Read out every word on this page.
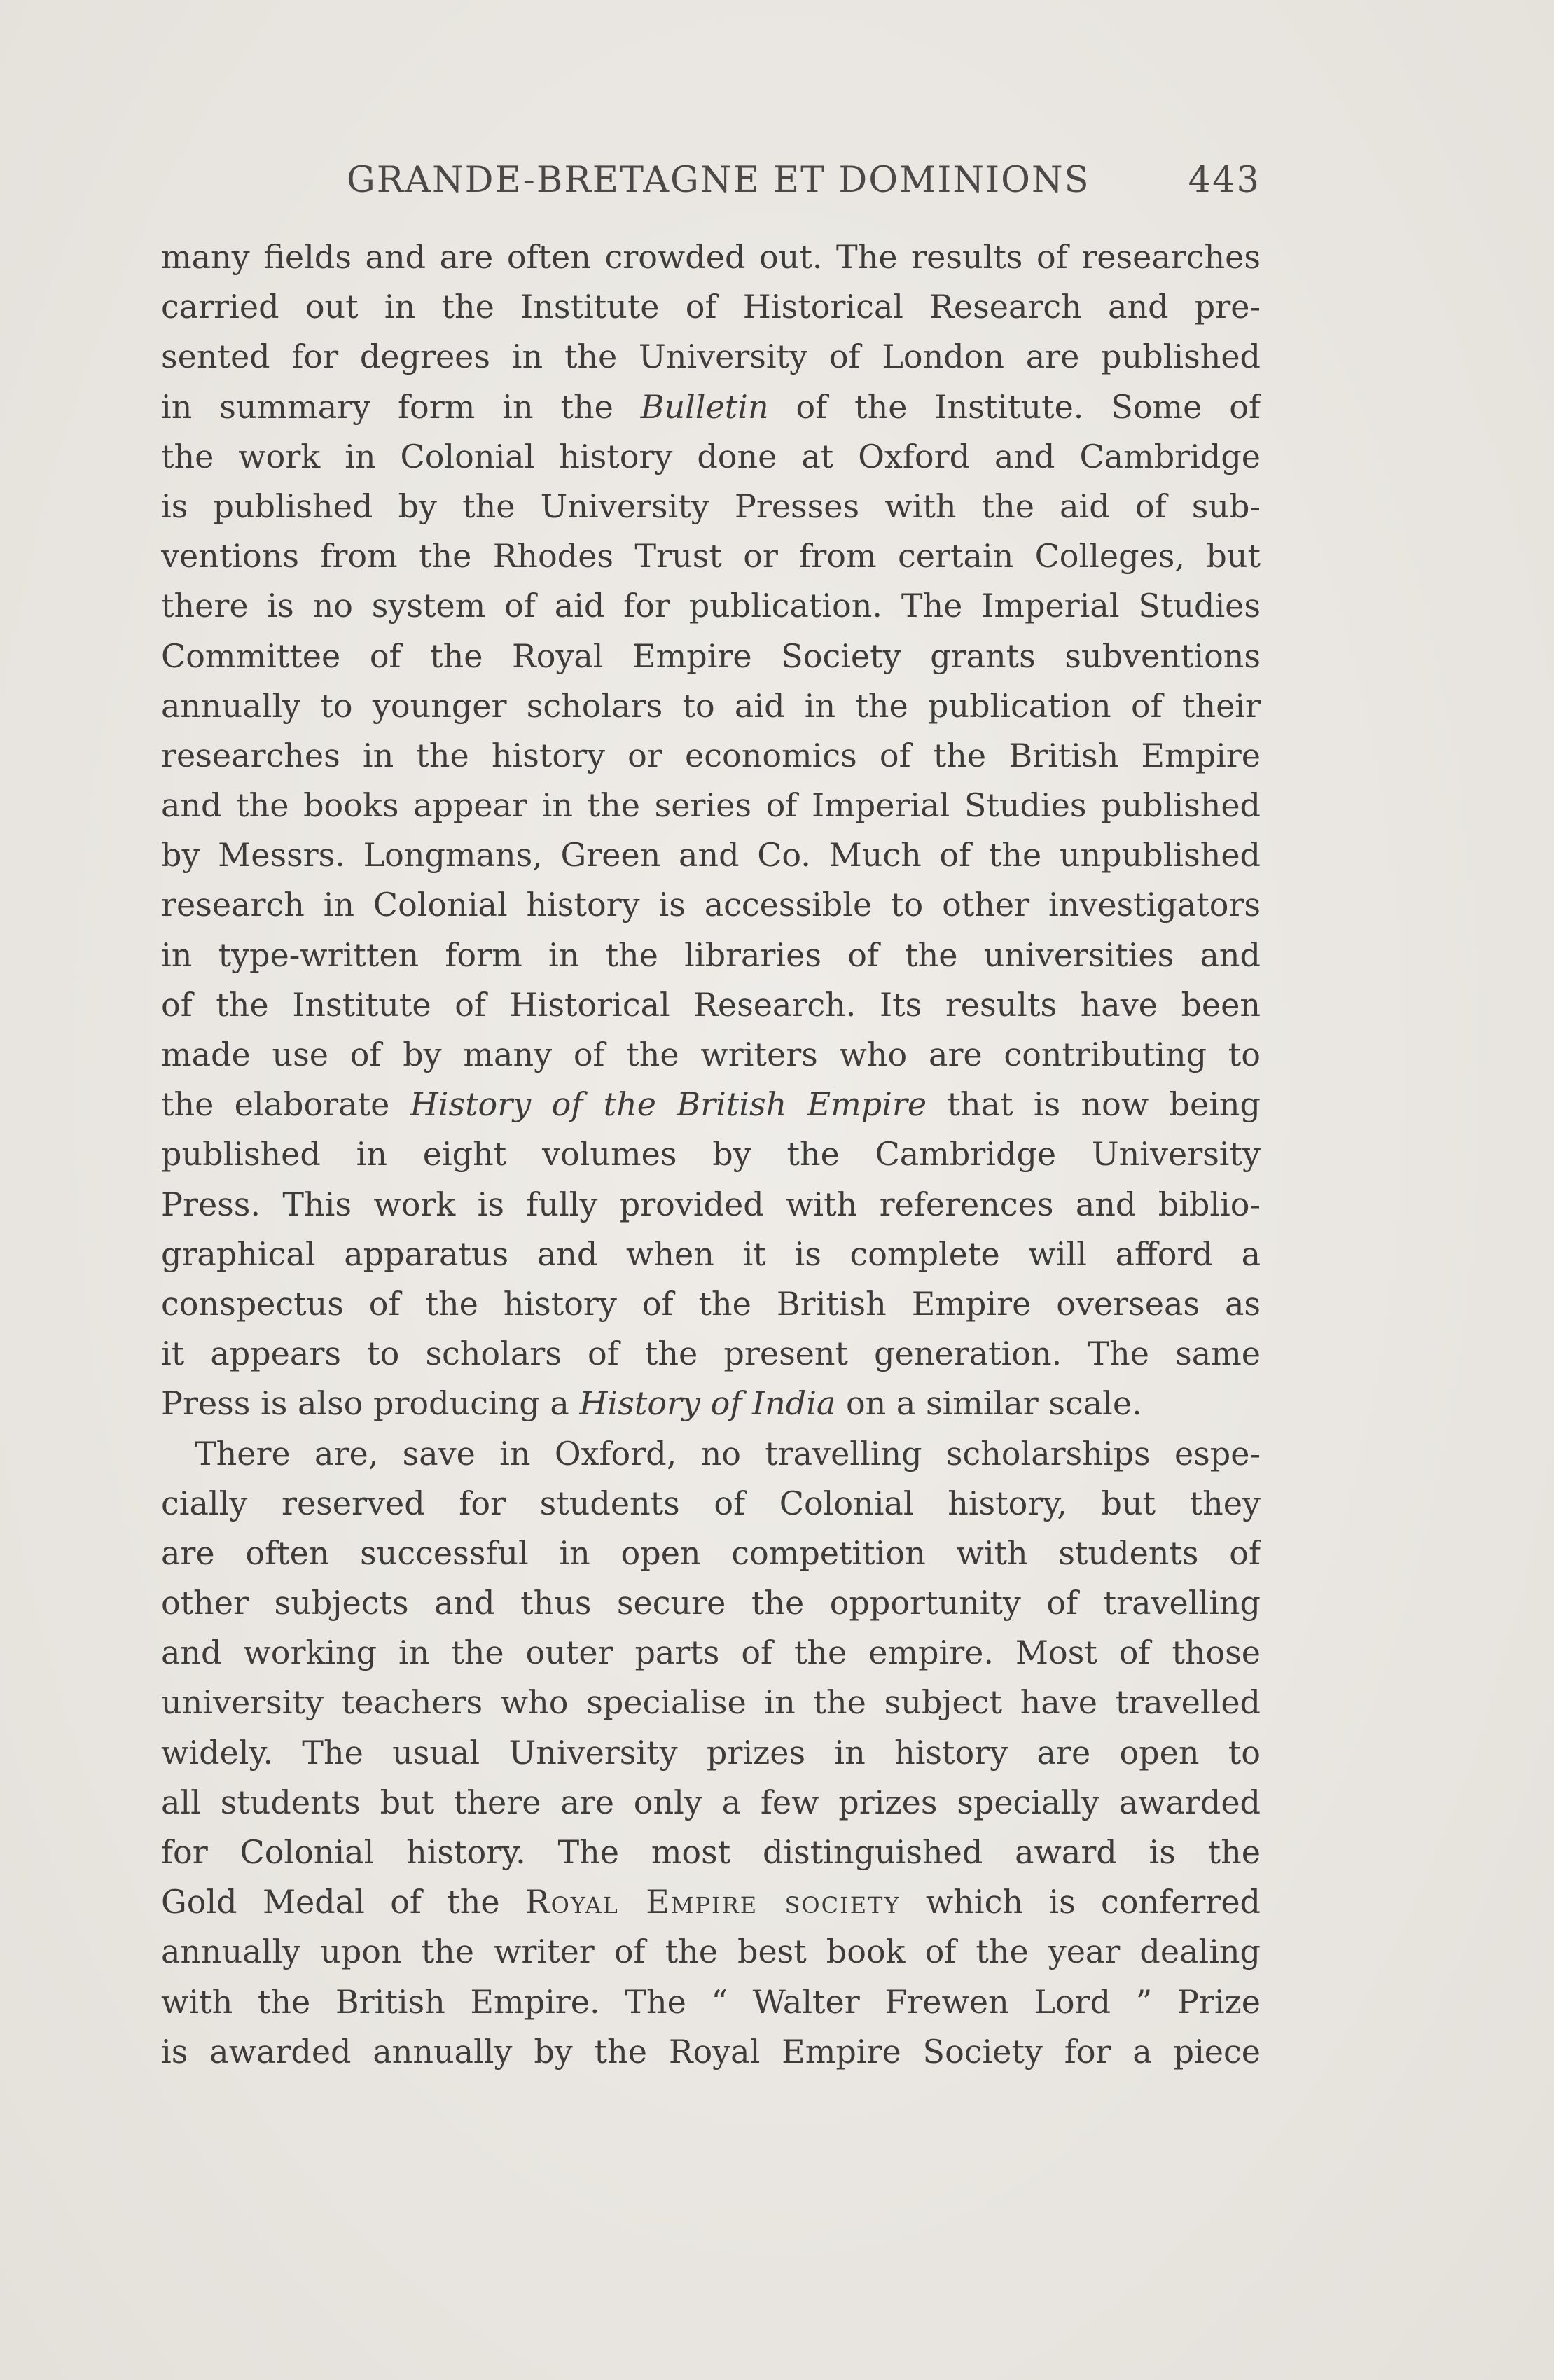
GRANDE-BRETAGNE ET DOMINIONS	443
many fields and are often crowded out. The results of researches
carried out in the Institute of Historical Research and pre-
sented for degrees in the University of London are published
in summary form in the Bulletin of the Institute. Some of
the work in Colonial history done at Oxford and Cambridge
is published by the University Presses with the aid of sub-
ventions from the Rhodes Trust or from certain Colleges, but
there is no system of aid for publication. The Imperial Studies
Committee of the Royal Empire Society grants subventions
annually to younger scholars to aid in the publication of their
researches in the history or economics of the British Empire
and the books appear in the series of Imperial Studies published
by Messrs. Longmans, Green and Co. Much of the unpublished
research in Colonial history is accessible to other investigators
in type-written form in the libraries of the universities and
of the Institute of Historical Research. Its results have been
made use of by many of the writers who are contributing to
the elaborate History of the British Empire that is now being
published in eight volumes by the Cambridge University
Press. This work is fully provided with references and biblio-
graphical apparatus and when it is complete will afford a
conspectus of the history of the British Empire overseas as
it appears to scholars of the present generation. The same
Press is also producing a History of India on a similar scale.
There are, save in Oxford, no travelling scholarships espe-
cially reserved for students of Colonial history, but they
are often successful in open competition with students of
other subjects and thus secure the opportunity of travelling
and working in the outer parts of the empire. Most of those
university teachers who specialise in the subject have travelled
widely. The usual University prizes in history are open to
all students but there are only a few prizes specially awarded
for Colonial history. The most distinguished award is the
Gold Medal of the Royal Empire society which is conferred
annually upon the writer of the best book of the year dealing
with the British Empire. The “ Walter Frewen Lord ” Prize
is awarded annually by the Royal Empire Society for a piece
